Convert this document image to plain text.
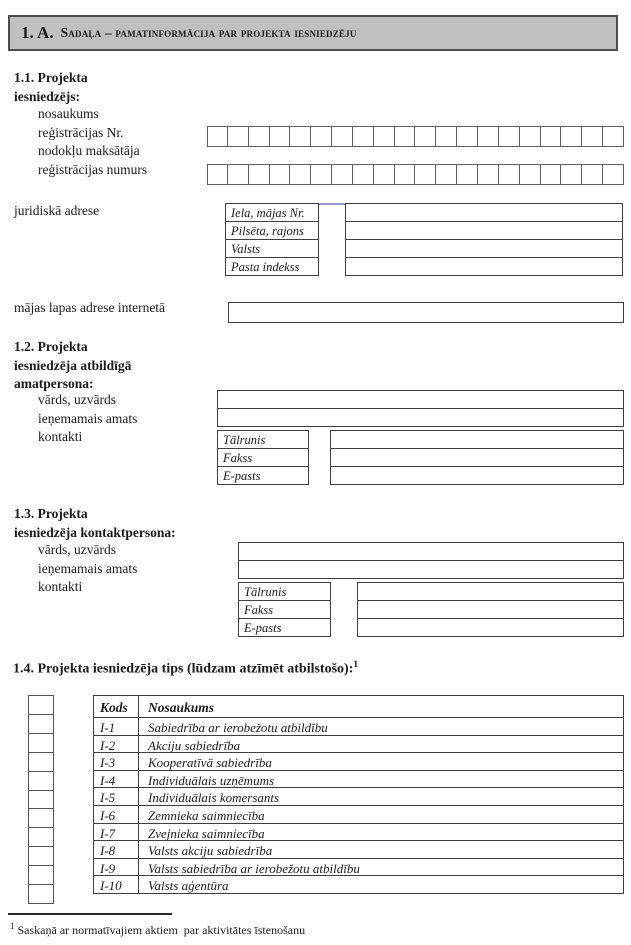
1. A. Sadaļa – pamatinformācija par projekta iesniedzēju
1.1. Projekta
iesniedzējs:
nosaukums
reģistrācijas Nr.
nodokļu maksātāja
reģistrācijas numurs
juridiskā adrese	Iela, mājas Nr.
Pilsēta, rajons
Valsts
Pasta indekss
mājas lapas adrese internetā
1.2. Projekta
iesniedzēja atbildīgā
amatpersona:
vārds, uzvārds
ieņemamais amats
kontakti	Tālrunis
Fakss
E-pasts
1.3. Projekta
iesniedzēja kontaktpersona:
vārds, uzvārds
ieņemamais amats
kontakti	Tālrunis
Fakss
E-pasts
1.4. Projekta iesniedzēja tips (lūdzam atzīmēt atbilstošo):$^1$
Kods	Nosaukums
I-1	Sabiedrība ar ierobežotu atbildību
I-2	Akciju sabiedrība
I-3	Kooperatīvā sabiedrība
I-4	Individuālais uzņēmums
I-5	Individuālais komersants
I-6	Zemnieka saimniecība
I-7	Zvejnieka saimniecība
I-8	Valsts akciju sabiedrība
I-9	Valsts sabiedrība ar ierobežotu atbildību
I-10	Valsts aģentūra
$^1$ Saskaņā ar normatīvajiem aktiem  par aktivitātes īstenošanu
